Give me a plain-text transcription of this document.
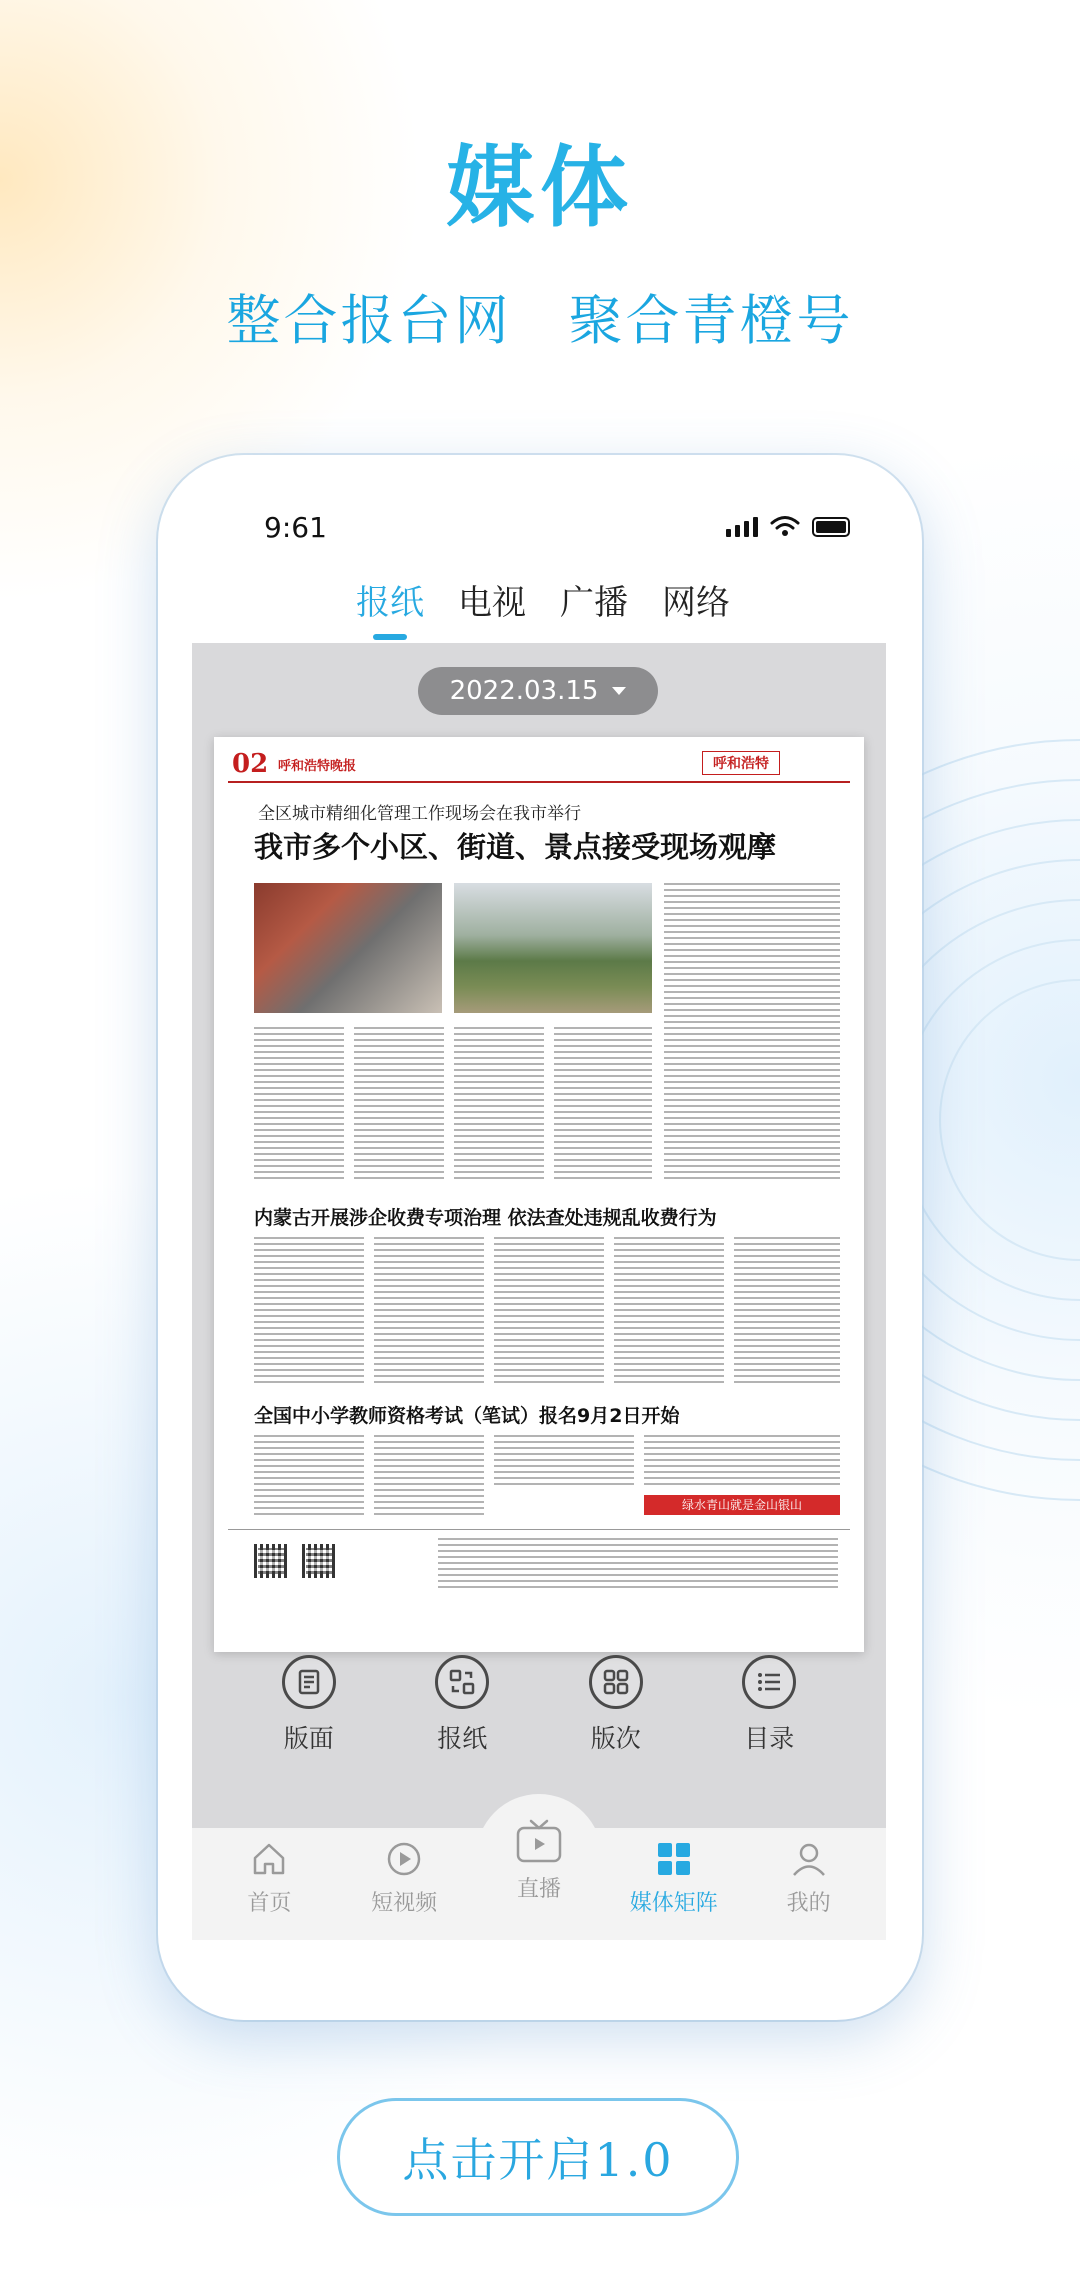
媒体
整合报台网　聚合青橙号
9:61
报纸 电视 广播 网络
2022.03.15
02 呼和浩特晚报	呼和浩特
全区城市精细化管理工作现场会在我市举行
我市多个小区、街道、景点接受现场观摩
内蒙古开展涉企收费专项治理 依法查处违规乱收费行为
全国中小学教师资格考试（笔试）报名9月2日开始
绿水青山就是金山银山
版面	报纸	版次	目录
首页	短视频
直播
媒体矩阵	我的
点击开启1.0
